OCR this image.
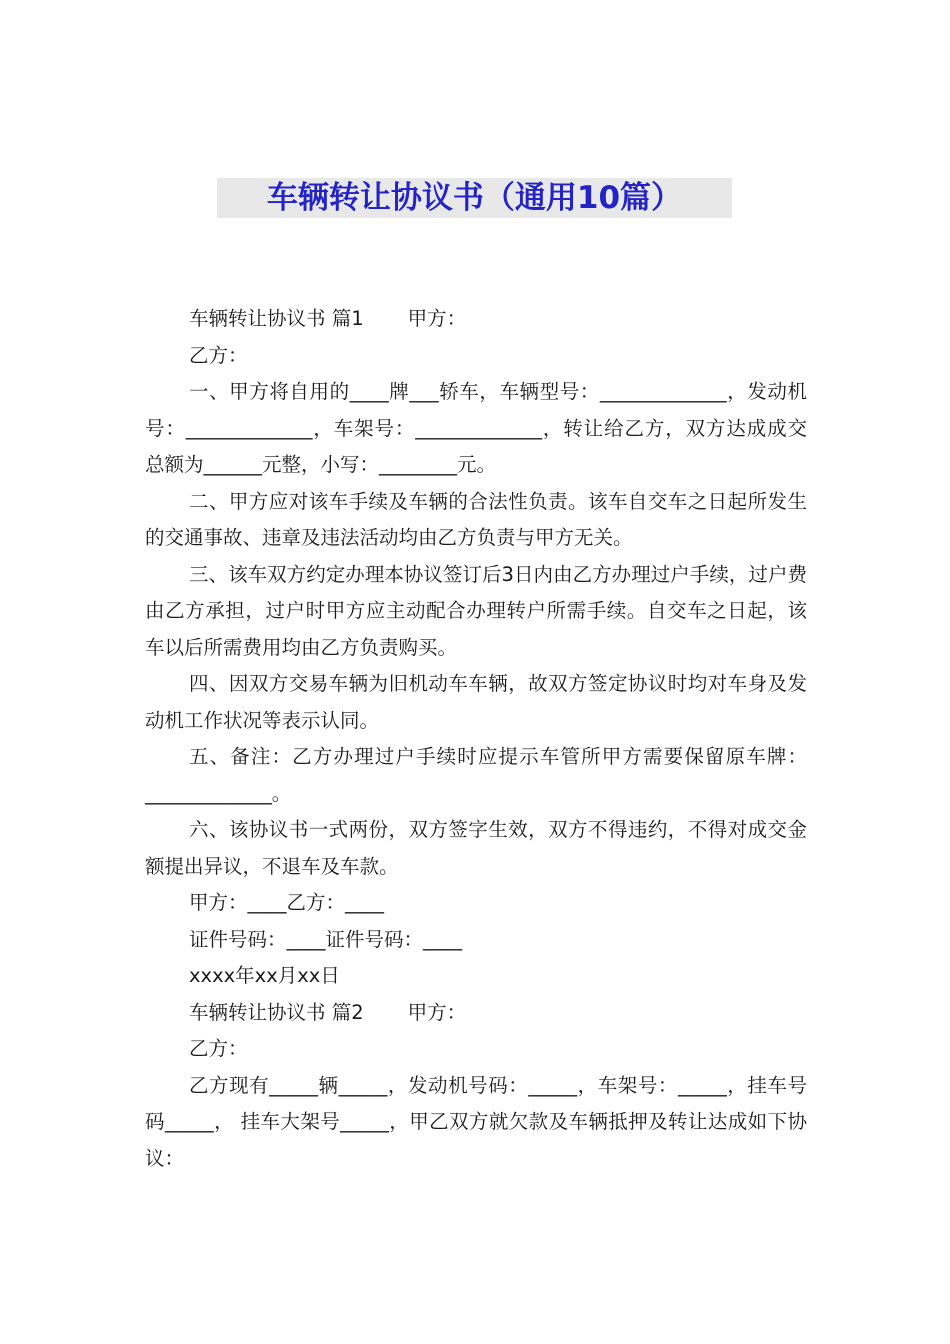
车辆转让协议书（通用10篇）

车辆转让协议书 篇1 甲方：

乙方：

一、甲方将自用的____牌___轿车，车辆型号：_____________，发动机号：_____________，车架号：_____________，转让给乙方，双方达成成交总额为______元整，小写：________元。

二、甲方应对该车手续及车辆的合法性负责。该车自交车之日起所发生的交通事故、违章及违法活动均由乙方负责与甲方无关。

三、该车双方约定办理本协议签订后3日内由乙方办理过户手续，过户费由乙方承担，过户时甲方应主动配合办理转户所需手续。自交车之日起，该车以后所需费用均由乙方负责购买。

四、因双方交易车辆为旧机动车车辆，故双方签定协议时均对车身及发动机工作状况等表示认同。

五、备注：乙方办理过户手续时应提示车管所甲方需要保留原车牌：_____________。

六、该协议书一式两份，双方签字生效，双方不得违约，不得对成交金额提出异议，不退车及车款。

甲方：____乙方：____

证件号码：____证件号码：____

xxxx年xx月xx日

车辆转让协议书 篇2 甲方：

乙方：

乙方现有_____辆_____，发动机号码：_____，车架号：_____，挂车号码_____， 挂车大架号_____，甲乙双方就欠款及车辆抵押及转让达成如下协议：
